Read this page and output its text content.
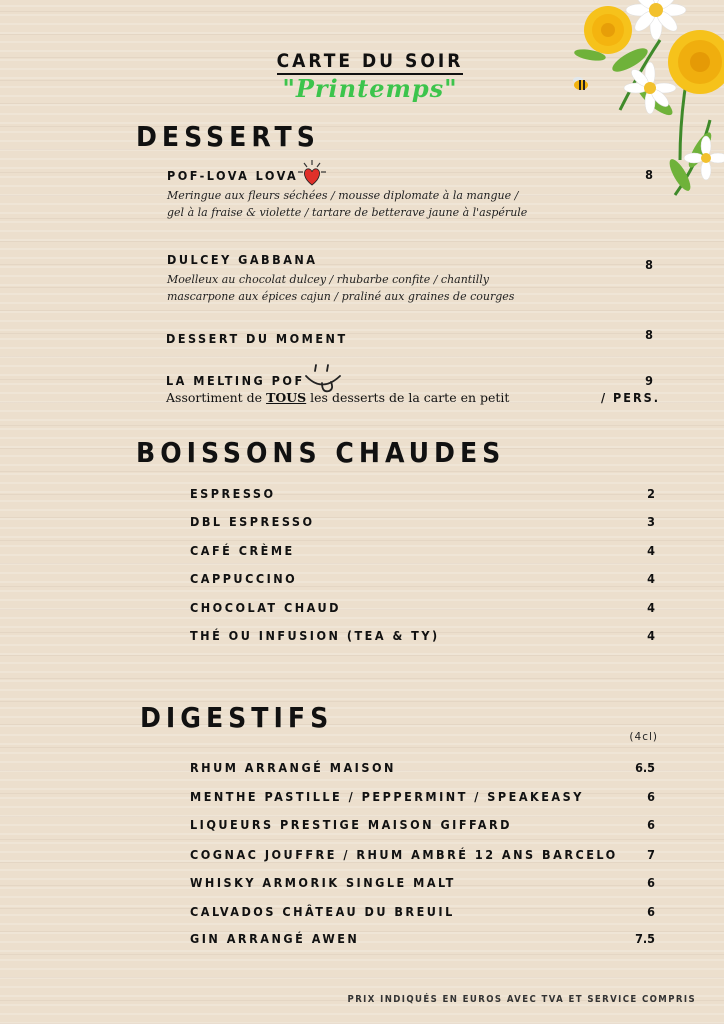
CARTE DU SOIR
"Printemps"
DESSERTS
POF-LOVA LOVA	8
Meringue aux fleurs séchées / mousse diplomate à la mangue /
gel à la fraise & violette / tartare de betterave jaune à l'aspérule
DULCEY GABBANA	8
Moelleux au chocolat dulcey / rhubarbe confite / chantilly
mascarpone aux épices cajun / praliné aux graines de courges
DESSERT DU MOMENT	8
LA MELTING POF	9
Assortiment de TOUS les desserts de la carte en petit	/ PERS.
BOISSONS CHAUDES
ESPRESSO	2
DBL ESPRESSO	3
CAFÉ CRÈME	4
CAPPUCCINO	4
CHOCOLAT CHAUD	4
THÉ OU INFUSION (TEA & TY)	4
DIGESTIFS
(4cl)
RHUM ARRANGÉ MAISON	6.5
MENTHE PASTILLE / PEPPERMINT / SPEAKEASY	6
LIQUEURS PRESTIGE MAISON GIFFARD	6
COGNAC JOUFFRE / RHUM AMBRÉ 12 ANS BARCELO	7
WHISKY ARMORIK SINGLE MALT	6
CALVADOS CHÂTEAU DU BREUIL	6
GIN ARRANGÉ AWEN	7.5
PRIX INDIQUÉS EN EUROS AVEC TVA ET SERVICE COMPRIS
